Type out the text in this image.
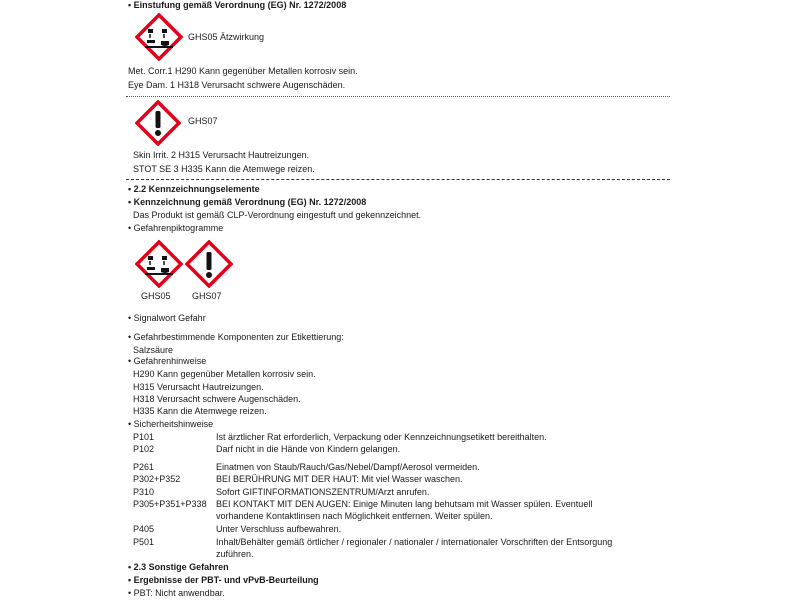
• Einstufung gemäß Verordnung (EG) Nr. 1272/2008
GHS05 Ätzwirkung
Met. Corr.1 H290 Kann gegenüber Metallen korrosiv sein.
Eye Dam. 1 H318 Verursacht schwere Augenschäden.
GHS07
Skin Irrit. 2 H315 Verursacht Hautreizungen.
STOT SE 3 H335 Kann die Atemwege reizen.
• 2.2 Kennzeichnungselemente
• Kennzeichnung gemäß Verordnung (EG) Nr. 1272/2008
Das Produkt ist gemäß CLP-Verordnung eingestuft und gekennzeichnet.
• Gefahrenpiktogramme
GHS05 GHS07
• Signalwort Gefahr
• Gefahrbestimmende Komponenten zur Etikettierung:
Salzsäure
• Gefahrenhinweise
H290 Kann gegenüber Metallen korrosiv sein.
H315 Verursacht Hautreizungen.
H318 Verursacht schwere Augenschäden.
H335 Kann die Atemwege reizen.
• Sicherheitshinweise
P101	Ist ärztlicher Rat erforderlich, Verpackung oder Kennzeichnungsetikett bereithalten.
P102	Darf nicht in die Hände von Kindern gelangen.
P261	Einatmen von Staub/Rauch/Gas/Nebel/Dampf/Aerosol vermeiden.
P302+P352	BEI BERÜHRUNG MIT DER HAUT: Mit viel Wasser waschen.
P310	Sofort GIFTINFORMATIONSZENTRUM/Arzt anrufen.
P305+P351+P338 BEI KONTAKT MIT DEN AUGEN: Einige Minuten lang behutsam mit Wasser spülen. Eventuell
vorhandene Kontaktlinsen nach Möglichkeit entfernen. Weiter spülen.
P405	Unter Verschluss aufbewahren.
P501	Inhalt/Behälter gemäß örtlicher / regionaler / nationaler / internationaler Vorschriften der Entsorgung
zuführen.
• 2.3 Sonstige Gefahren
• Ergebnisse der PBT- und vPvB-Beurteilung
• PBT: Nicht anwendbar.
